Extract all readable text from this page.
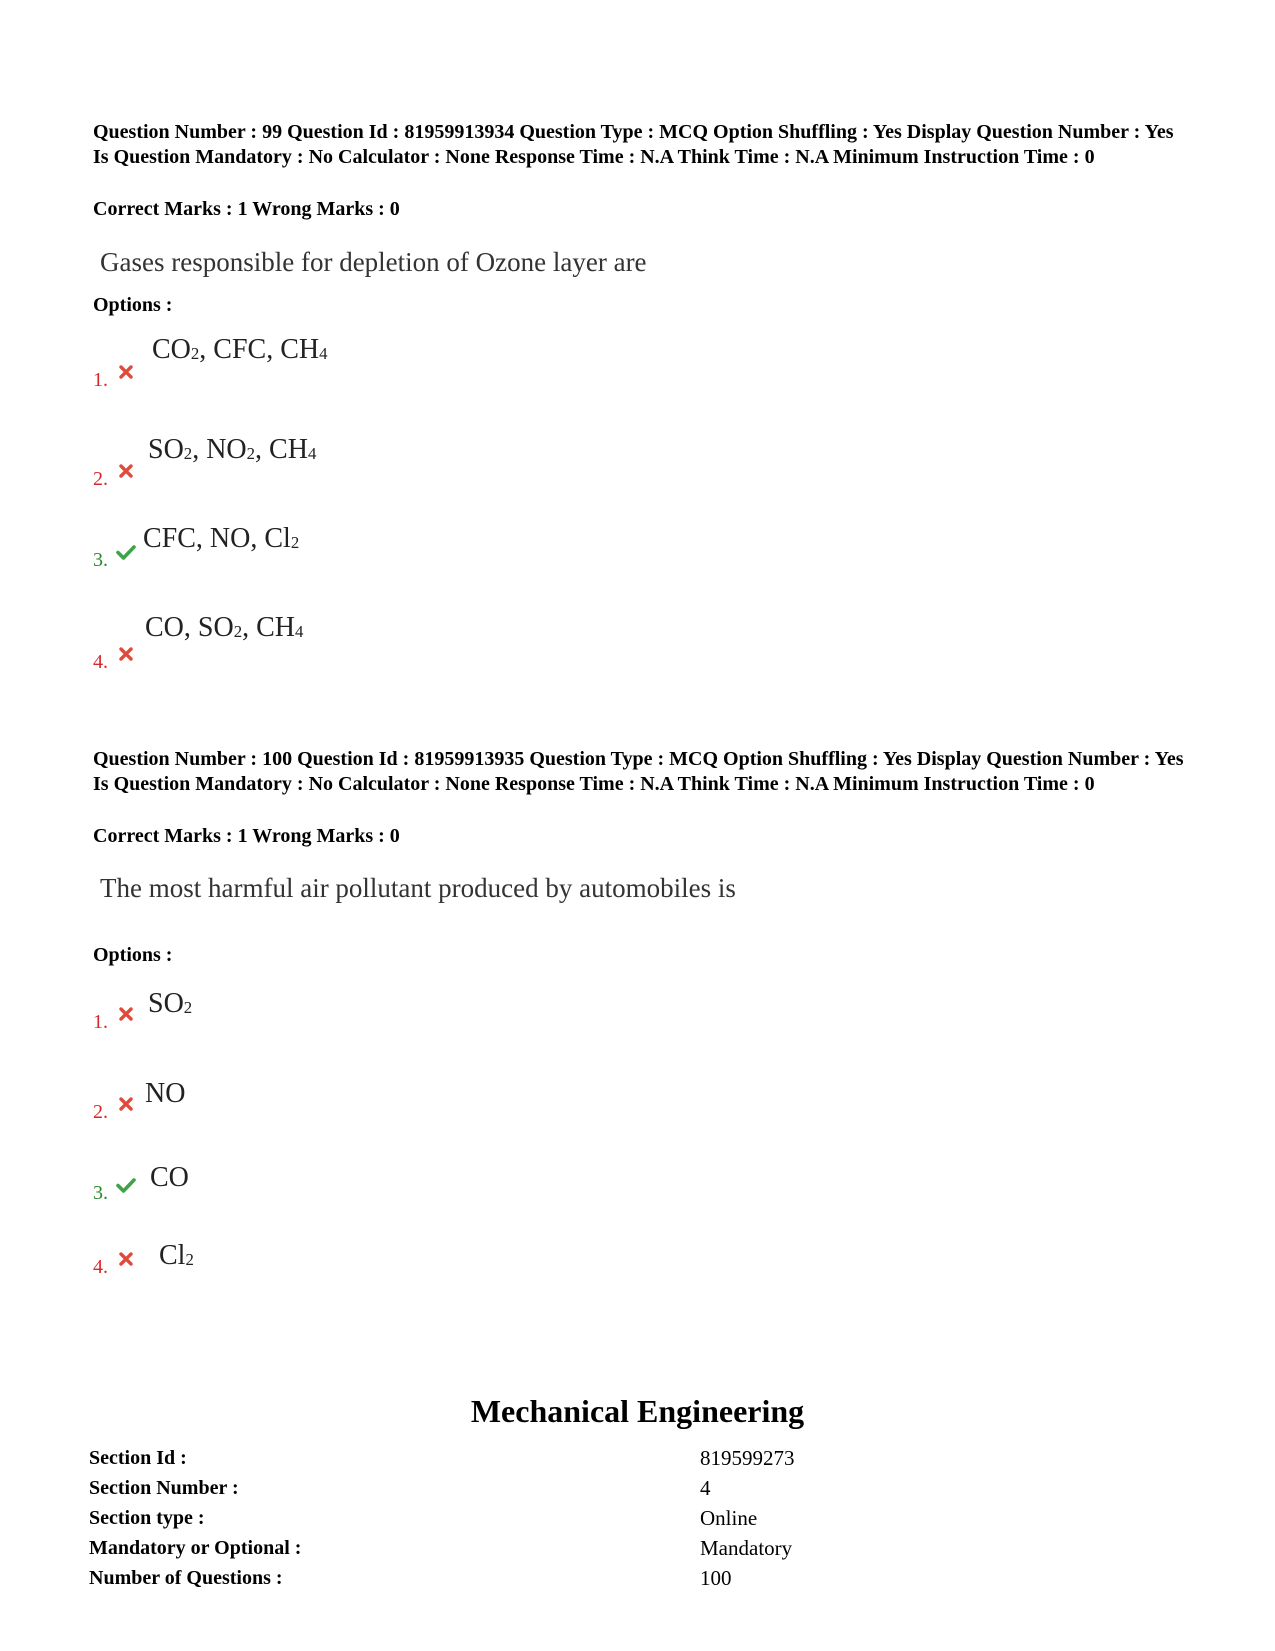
Question Number : 99 Question Id : 81959913934 Question Type : MCQ Option Shuffling : Yes Display Question Number : Yes Is Question Mandatory : No Calculator : None Response Time : N.A Think Time : N.A Minimum Instruction Time : 0
Correct Marks : 1 Wrong Marks : 0
Gases responsible for depletion of Ozone layer are
Options :
1.
$CO_2$, CFC, $CH_4$
2.
$SO_2$, $NO_2$, $CH_4$
3.
CFC, NO, $Cl_2$
4.
CO, $SO_2$, $CH_4$
Question Number : 100 Question Id : 81959913935 Question Type : MCQ Option Shuffling : Yes Display Question Number : Yes Is Question Mandatory : No Calculator : None Response Time : N.A Think Time : N.A Minimum Instruction Time : 0
Correct Marks : 1 Wrong Marks : 0
The most harmful air pollutant produced by automobiles is
Options :
1.
$SO_2$
2.
NO
3. CO
4. $Cl_2$
Mechanical Engineering
Section Id :	819599273
Section Number :	4
Section type :	Online
Mandatory or Optional :	Mandatory
Number of Questions :	100
